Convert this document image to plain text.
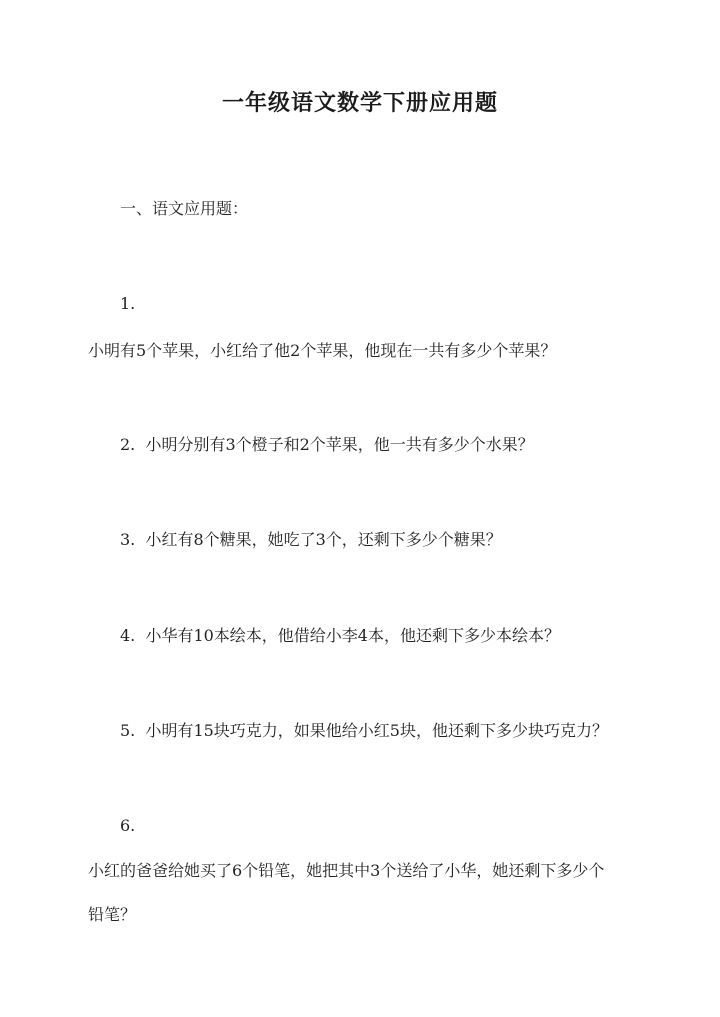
一年级语文数学下册应用题
一、语文应用题：
1.
小明有5个苹果，小红给了他2个苹果，他现在一共有多少个苹果？
2. 小明分别有3个橙子和2个苹果，他一共有多少个水果？
3. 小红有8个糖果，她吃了3个，还剩下多少个糖果？
4. 小华有10本绘本，他借给小李4本，他还剩下多少本绘本？
5. 小明有15块巧克力，如果他给小红5块，他还剩下多少块巧克力？
6.
小红的爸爸给她买了6个铅笔，她把其中3个送给了小华，她还剩下多少个
铅笔？
